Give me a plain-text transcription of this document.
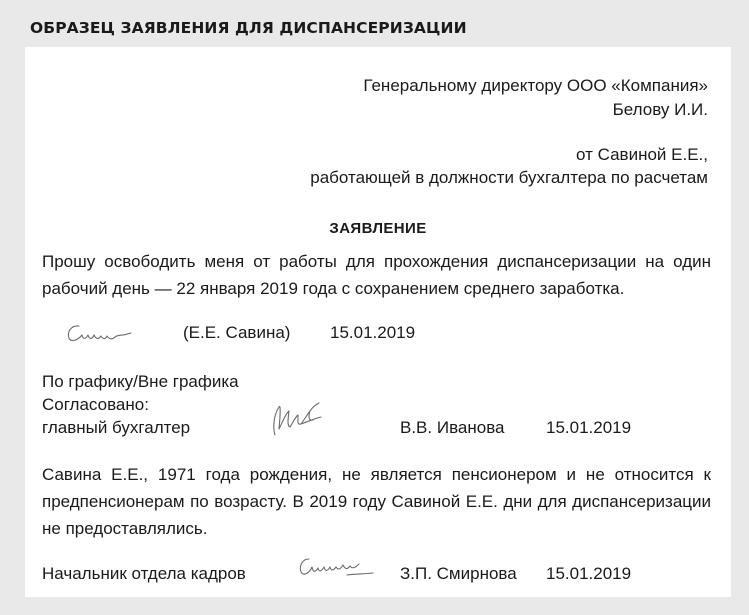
ОБРАЗЕЦ ЗАЯВЛЕНИЯ ДЛЯ ДИСПАНСЕРИЗАЦИИ
Генеральному директору ООО «Компания»
Белову И.И.
от Савиной Е.Е.,
работающей в должности бухгалтера по расчетам
ЗАЯВЛЕНИЕ
Прошу освободить меня от работы для прохождения диспансеризации на один рабочий день — 22 января 2019 года с сохранением среднего заработка.
(Е.Е. Савина) 15.01.2019
По графику/Вне графика
Согласовано:
главный бухгалтер	В.В. Иванова 15.01.2019
Савина Е.Е., 1971 года рождения, не является пенсионером и не относится к предпенсионерам по возрасту. В 2019 году Савиной Е.Е. дни для диспансеризации не предоставлялись.
Начальник отдела кадров	З.П. Смирнова 15.01.2019
